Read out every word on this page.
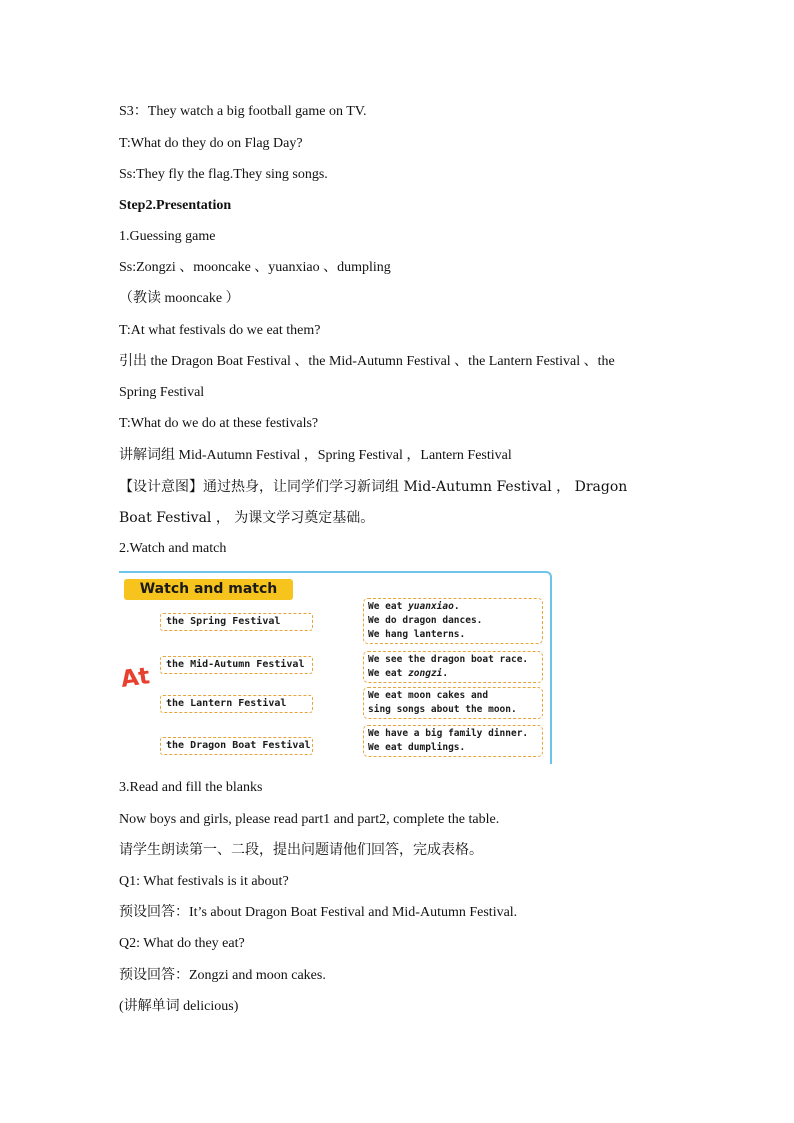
S3：They watch a big football game on TV.
T:What do they do on Flag Day?
Ss:They fly the flag.They sing songs.
Step2.Presentation
1.Guessing game
Ss:Zongzi 、mooncake 、yuanxiao 、dumpling
（教读 mooncake ）
T:At what festivals do we eat them?
引出 the Dragon Boat Festival 、the Mid-Autumn Festival 、the Lantern Festival 、the
Spring Festival
T:What do we do at these festivals?
讲解词组 Mid-Autumn Festival ，Spring Festival ，Lantern Festival
【设计意图】通过热身，让同学们学习新词组 Mid-Autumn Festival ， Dragon
Boat Festival ， 为课文学习奠定基础。
2.Watch and match
Watch and match
At
the Spring Festival
the Mid-Autumn Festival
the Lantern Festival
the Dragon Boat Festival
We eat yuanxiao.
We do dragon dances.
We hang lanterns.
We see the dragon boat race.
We eat zongzi.
We eat moon cakes and
sing songs about the moon.
We have a big family dinner.
We eat dumplings.
3.Read and fill the blanks
Now boys and girls, please read part1 and part2, complete the table.
请学生朗读第一、二段，提出问题请他们回答，完成表格。
Q1: What festivals is it about?
预设回答：It’s about Dragon Boat Festival and Mid-Autumn Festival.
Q2: What do they eat?
预设回答：Zongzi and moon cakes.
(讲解单词 delicious)
